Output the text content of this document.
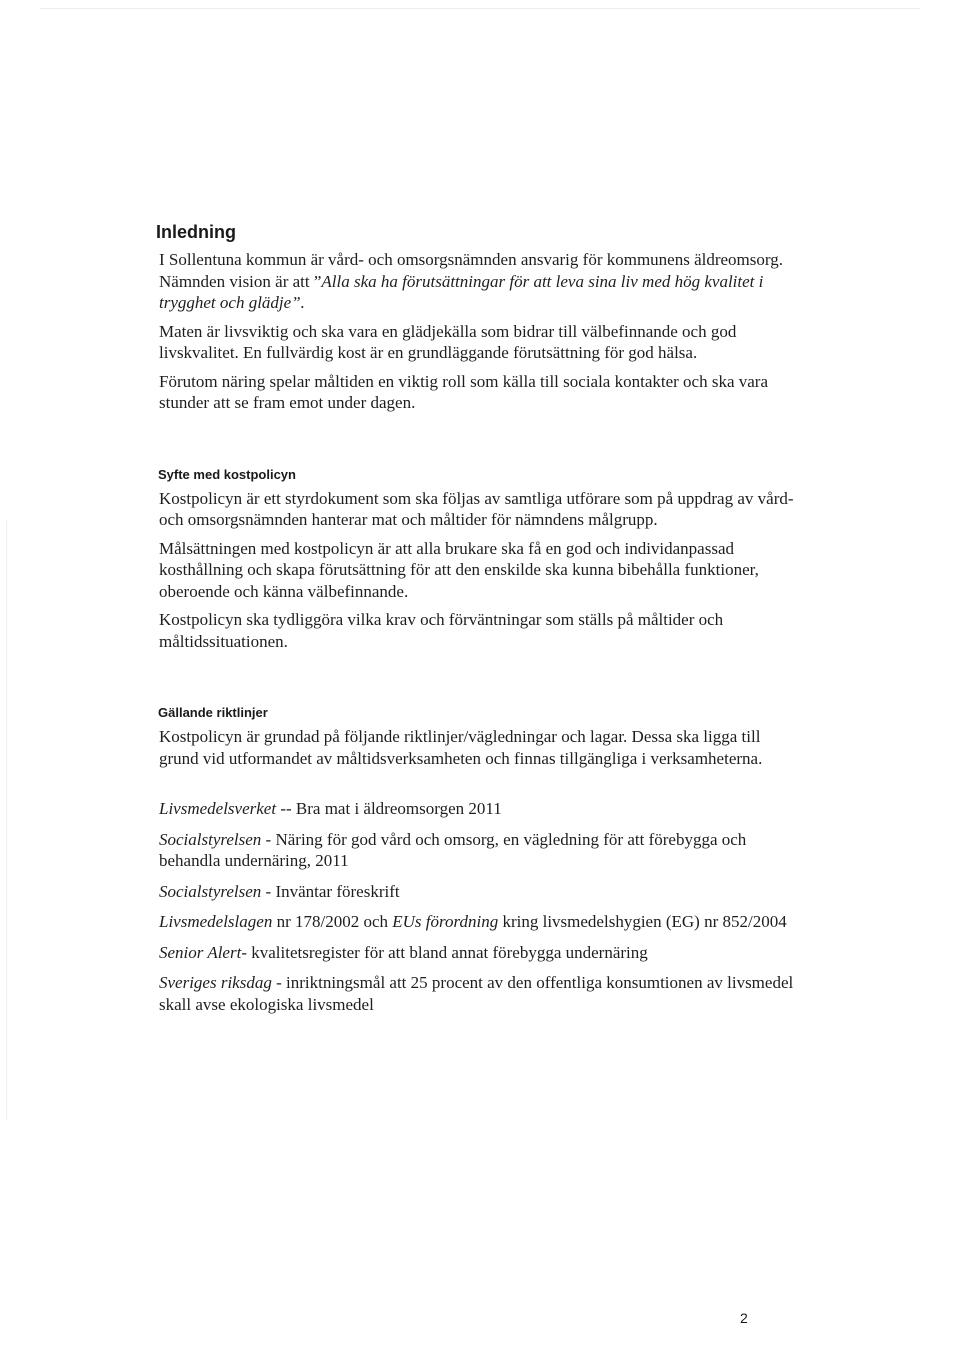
Inledning

I Sollentuna kommun är vård- och omsorgsnämnden ansvarig för kommunens äldreomsorg. Nämnden vision är att ”Alla ska ha förutsättningar för att leva sina liv med hög kvalitet i trygghet och glädje”.

Maten är livsviktig och ska vara en glädjekälla som bidrar till välbefinnande och god livskvalitet. En fullvärdig kost är en grundläggande förutsättning för god hälsa.

Förutom näring spelar måltiden en viktig roll som källa till sociala kontakter och ska vara stunder att se fram emot under dagen.

Syfte med kostpolicyn

Kostpolicyn är ett styrdokument som ska följas av samtliga utförare som på uppdrag av vård- och omsorgsnämnden hanterar mat och måltider för nämndens målgrupp.

Målsättningen med kostpolicyn är att alla brukare ska få en god och individanpassad kosthållning och skapa förutsättning för att den enskilde ska kunna bibehålla funktioner, oberoende och känna välbefinnande.

Kostpolicyn ska tydliggöra vilka krav och förväntningar som ställs på måltider och måltidssituationen.

Gällande riktlinjer

Kostpolicyn är grundad på följande riktlinjer/vägledningar och lagar. Dessa ska ligga till grund vid utformandet av måltidsverksamheten och finnas tillgängliga i verksamheterna.

Livsmedelsverket -- Bra mat i äldreomsorgen 2011

Socialstyrelsen - Näring för god vård och omsorg, en vägledning för att förebygga och behandla undernäring, 2011

Socialstyrelsen - Inväntar föreskrift

Livsmedelslagen nr 178/2002 och EUs förordning kring livsmedelshygien (EG) nr 852/2004

Senior Alert- kvalitetsregister för att bland annat förebygga undernäring

Sveriges riksdag - inriktningsmål att 25 procent av den offentliga konsumtionen av livsmedel skall avse ekologiska livsmedel

2
